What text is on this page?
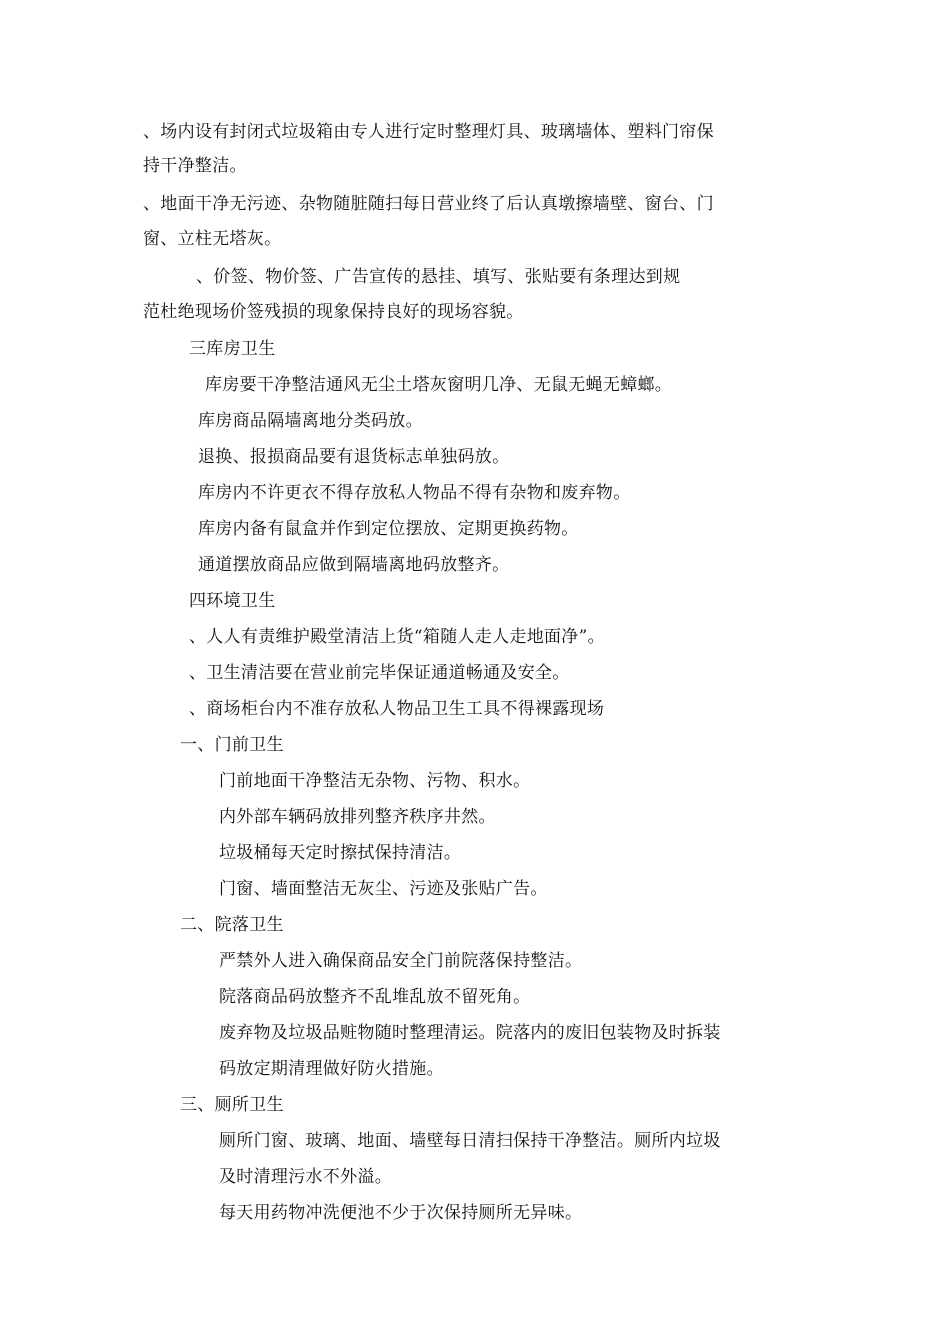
、场内设有封闭式垃圾箱由专人进行定时整理灯具、玻璃墙体、塑料门帘保
持干净整洁。
、地面干净无污迹、杂物随脏随扫每日营业终了后认真墩擦墙壁、窗台、门
窗、立柱无塔灰。
、价签、物价签、广告宣传的悬挂、填写、张贴要有条理达到规
范杜绝现场价签残损的现象保持良好的现场容貌。
三库房卫生
库房要干净整洁通风无尘土塔灰窗明几净、无鼠无蝇无蟑螂。
库房商品隔墙离地分类码放。
退换、报损商品要有退货标志单独码放。
库房内不许更衣不得存放私人物品不得有杂物和废弃物。
库房内备有鼠盒并作到定位摆放、定期更换药物。
通道摆放商品应做到隔墙离地码放整齐。
四环境卫生
、人人有责维护殿堂清洁上货“箱随人走人走地面净”。
、卫生清洁要在营业前完毕保证通道畅通及安全。
、商场柜台内不准存放私人物品卫生工具不得裸露现场
一、门前卫生
门前地面干净整洁无杂物、污物、积水。
内外部车辆码放排列整齐秩序井然。
垃圾桶每天定时擦拭保持清洁。
门窗、墙面整洁无灰尘、污迹及张贴广告。
二、院落卫生
严禁外人进入确保商品安全门前院落保持整洁。
院落商品码放整齐不乱堆乱放不留死角。
废弃物及垃圾品赃物随时整理清运。院落内的废旧包装物及时拆装
码放定期清理做好防火措施。
三、厕所卫生
厕所门窗、玻璃、地面、墙壁每日清扫保持干净整洁。厕所内垃圾
及时清理污水不外溢。
每天用药物冲洗便池不少于次保持厕所无异味。
